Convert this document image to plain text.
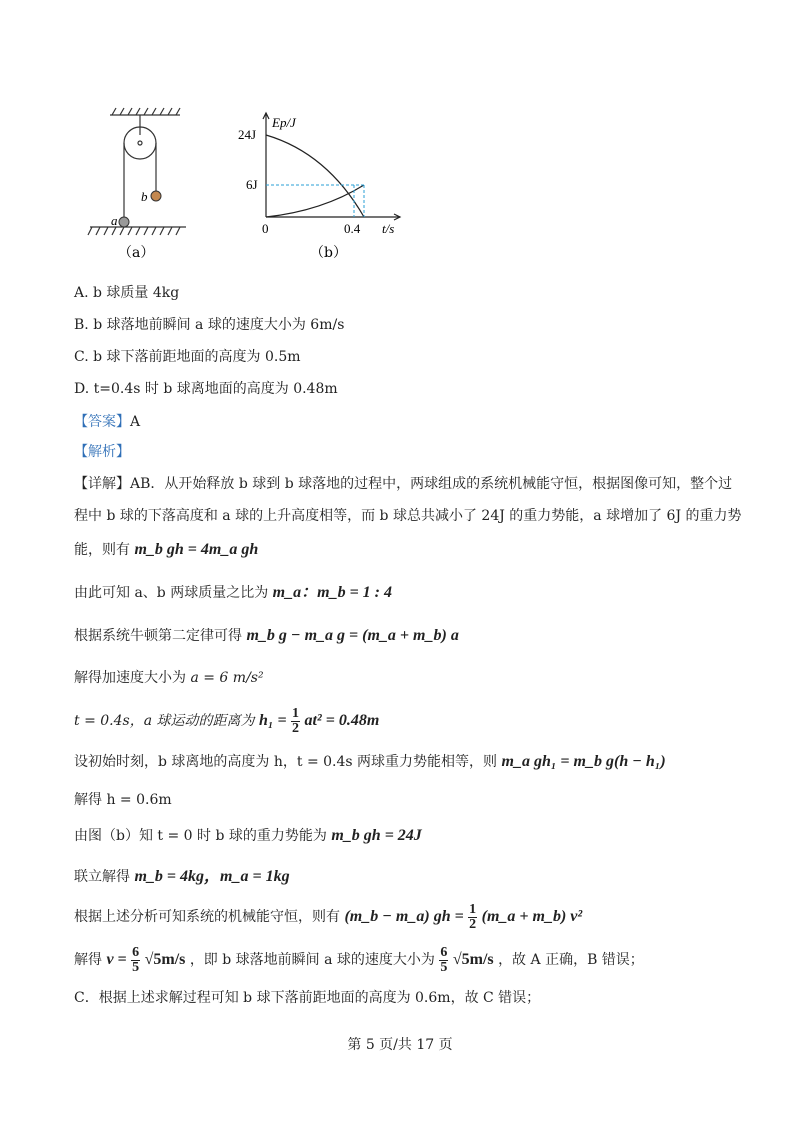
a
b
（a）
Ep/J
24J
6J
0	0.4 t/s
（b）
A. b 球质量 4kg
B. b 球落地前瞬间 a 球的速度大小为 6m/s
C. b 球下落前距地面的高度为 0.5m
D. t=0.4s 时 b 球离地面的高度为 0.48m
【答案】A
【解析】
【详解】AB．从开始释放 b 球到 b 球落地的过程中，两球组成的系统机械能守恒，根据图像可知，整个过
程中 b 球的下落高度和 a 球的上升高度相等，而 b 球总共减小了 24J 的重力势能，a 球增加了 6J 的重力势
能，则有 m_b gh = 4m_a gh
由此可知 a、b 两球质量之比为 m_a：m_b = 1 : 4
根据系统牛顿第二定律可得 m_b g − m_a g = (m_a + m_b) a
解得加速度大小为 a = 6 m/s²
t = 0.4s，a 球运动的距离为 $h_1 = \frac{1}{2} at^2 = 0.48m$
设初始时刻，b 球离地的高度为 h，t = 0.4s 两球重力势能相等，则 m_a gh₁ = m_b g(h − h₁)
解得 h = 0.6m
由图（b）知 t = 0 时 b 球的重力势能为 m_b gh = 24J
联立解得 m_b = 4kg，m_a = 1kg
根据上述分析可知系统的机械能守恒，则有 (m_b − m_a) gh = $\frac{1}{2}$ (m_a + m_b) v²
解得 $v = \frac{6}{5} √5m/s$ ，即 b 球落地前瞬间 a 球的速度大小为 $\frac{6}{5} √5m/s$ ，故 A 正确，B 错误；
C．根据上述求解过程可知 b 球下落前距地面的高度为 0.6m，故 C 错误；
第 5 页/共 17 页
